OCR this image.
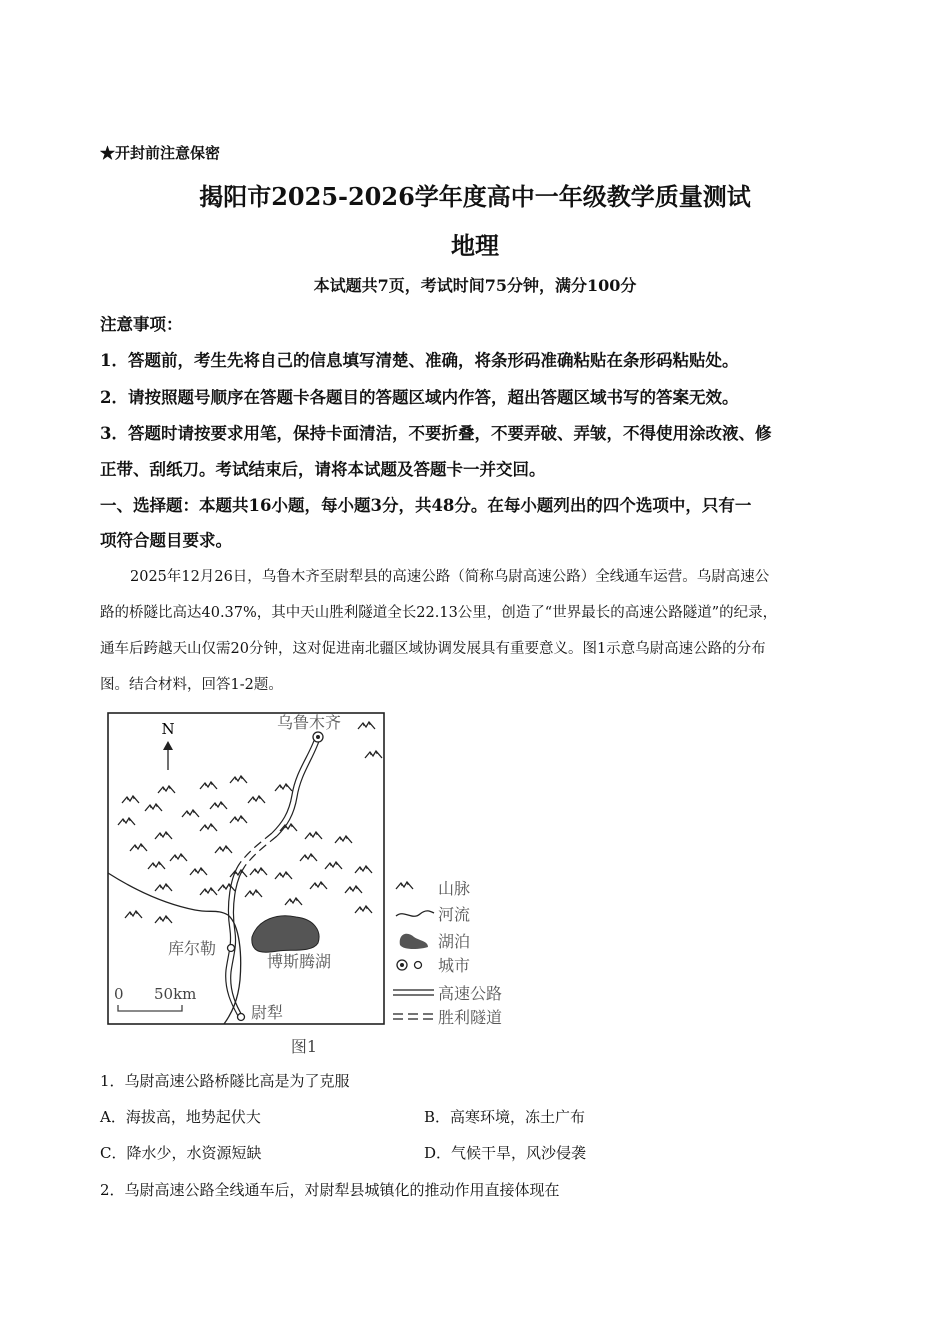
★开封前注意保密
揭阳市2025-2026学年度高中一年级教学质量测试
地理
本试题共7页，考试时间75分钟，满分100分
注意事项：
1．答题前，考生先将自己的信息填写清楚、准确，将条形码准确粘贴在条形码粘贴处。
2．请按照题号顺序在答题卡各题目的答题区域内作答，超出答题区域书写的答案无效。
3．答题时请按要求用笔，保持卡面清洁，不要折叠，不要弄破、弄皱，不得使用涂改液、修
正带、刮纸刀。考试结束后，请将本试题及答题卡一并交回。
一、选择题：本题共16小题，每小题3分，共48分。在每小题列出的四个选项中，只有一
项符合题目要求。
2025年12月26日，乌鲁木齐至尉犁县的高速公路（简称乌尉高速公路）全线通车运营。乌尉高速公
路的桥隧比高达40.37%，其中天山胜利隧道全长22.13公里，创造了“世界最长的高速公路隧道”的纪录，
通车后跨越天山仅需20分钟，这对促进南北疆区域协调发展具有重要意义。图1示意乌尉高速公路的分布
图。结合材料，回答1-2题。
N	乌鲁木齐
库尔勒
博斯腾湖
尉犁
0 50km
山脉
河流
湖泊
城市
高速公路
胜利隧道
图1
1．乌尉高速公路桥隧比高是为了克服
A．海拔高，地势起伏大	B．高寒环境，冻土广布
C．降水少，水资源短缺	D．气候干旱，风沙侵袭
2．乌尉高速公路全线通车后，对尉犁县城镇化的推动作用直接体现在
